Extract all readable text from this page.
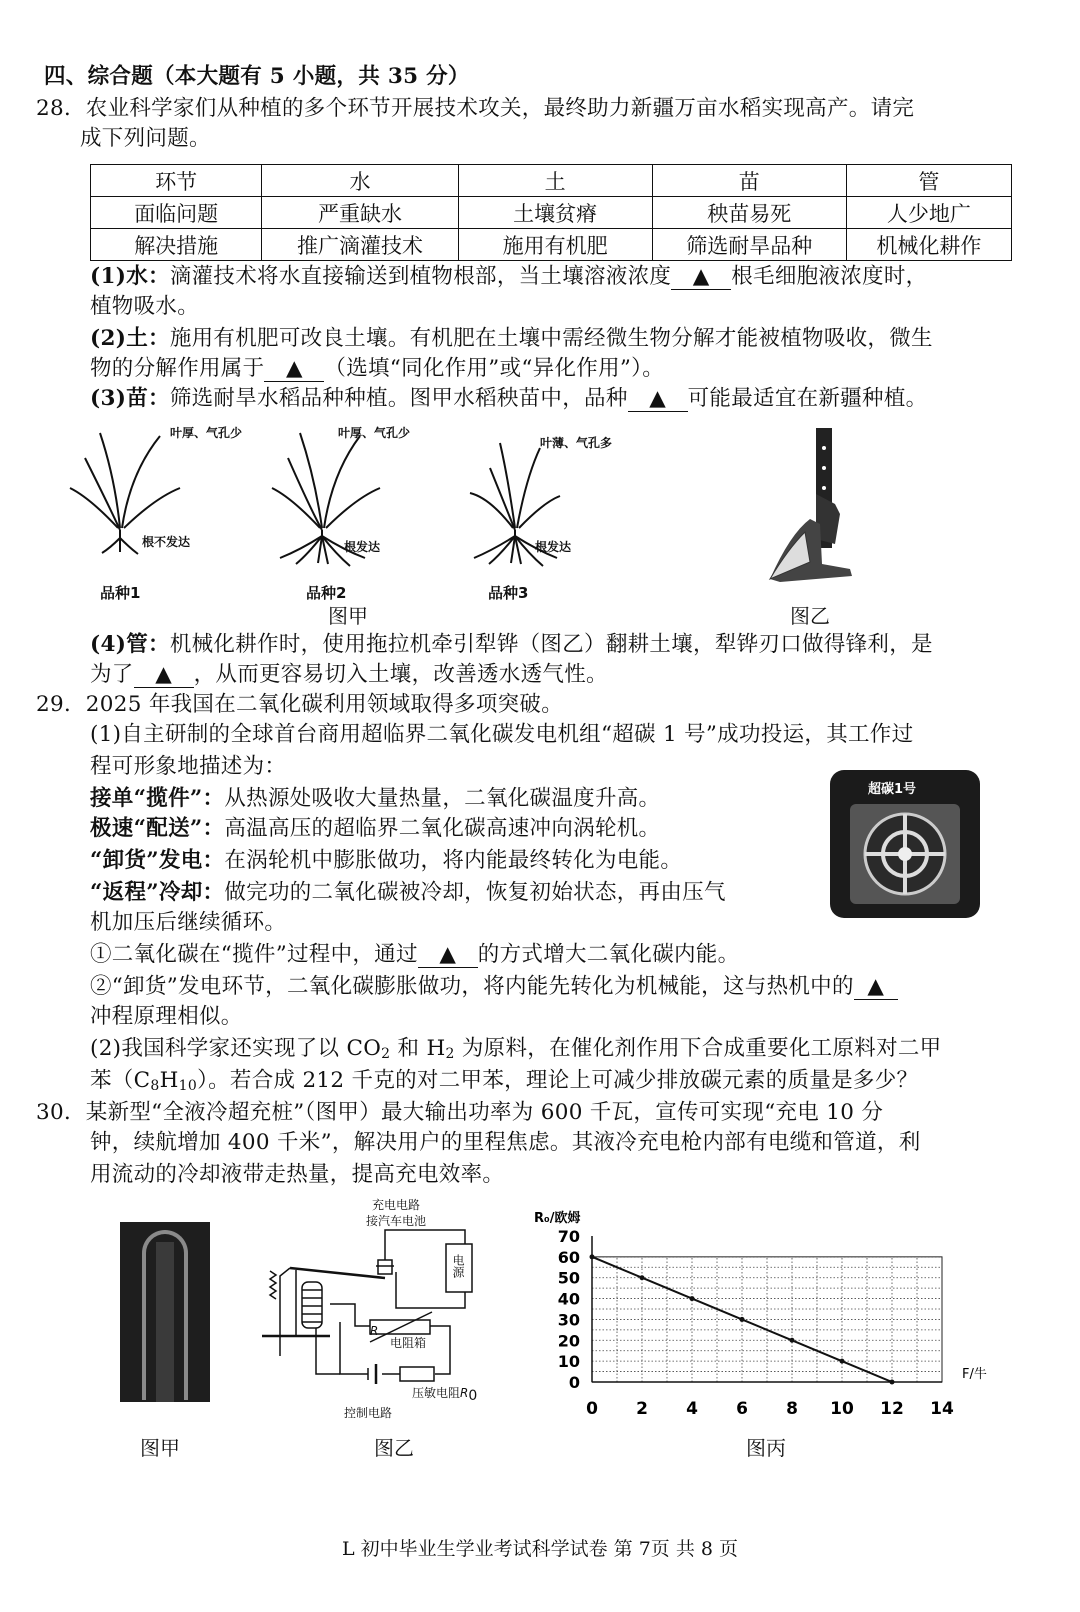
四、综合题（本大题有 5 小题，共 35 分）
28．农业科学家们从种植的多个环节开展技术攻关，最终助力新疆万亩水稻实现高产。请完
成下列问题。
环节	水	土	苗	管
面临问题	严重缺水	土壤贫瘠	秧苗易死	人少地广
解决措施	推广滴灌技术	施用有机肥	筛选耐旱品种	机械化耕作
(1)水：滴灌技术将水直接输送到植物根部，当土壤溶液浓度 ▲ 根毛细胞液浓度时，
植物吸水。
(2)土：施用有机肥可改良土壤。有机肥在土壤中需经微生物分解才能被植物吸收，微生
物的分解作用属于 ▲ （选填“同化作用”或“异化作用”）。
(3)苗：筛选耐旱水稻品种种植。图甲水稻秧苗中，品种 ▲ 可能最适宜在新疆种植。
叶厚、气孔少
根不发达
叶厚、气孔少
根发达
叶薄、气孔多
根发达
品种1	品种2	品种3
图甲	图乙
(4)管：机械化耕作时，使用拖拉机牵引犁铧（图乙）翻耕土壤，犁铧刃口做得锋利，是
为了 ▲ ，从而更容易切入土壤，改善透水透气性。
29．2025 年我国在二氧化碳利用领域取得多项突破。
(1)自主研制的全球首台商用超临界二氧化碳发电机组“超碳 1 号”成功投运，其工作过
程可形象地描述为：
接单“揽件”：从热源处吸收大量热量，二氧化碳温度升高。
极速“配送”：高温高压的超临界二氧化碳高速冲向涡轮机。
“卸货”发电：在涡轮机中膨胀做功，将内能最终转化为电能。
“返程”冷却：做完功的二氧化碳被冷却，恢复初始状态，再由压气
机加压后继续循环。
超碳1号
①二氧化碳在“揽件”过程中，通过 ▲ 的方式增大二氧化碳内能。
②“卸货”发电环节，二氧化碳膨胀做功，将内能先转化为机械能，这与热机中的 ▲
冲程原理相似。
(2)我国科学家还实现了以 $CO_2$ 和 $H_2$ 为原料，在催化剂作用下合成重要化工原料对二甲
苯$(C_8H_{10})$。若合成 212 千克的对二甲苯，理论上可减少排放碳元素的质量是多少？
30．某新型“全液冷超充桩”（图甲）最大输出功率为 600 千瓦，宣传可实现“充电 10 分
钟，续航增加 400 千米”，解决用户的里程焦虑。其液冷充电枪内部有电缆和管道，利
用流动的冷却液带走热量，提高充电效率。
图甲
充电电路
接汽车电池
电源
R
电阻箱
压敏电阻$R_0$
控制电路
图乙
0 2 4 6 8 10 12 14
0
10
20
30
40
50
60
70
R₀/欧姆
F/牛
图丙
L 初中毕业生学业考试科学试卷 第 7页 共 8 页
